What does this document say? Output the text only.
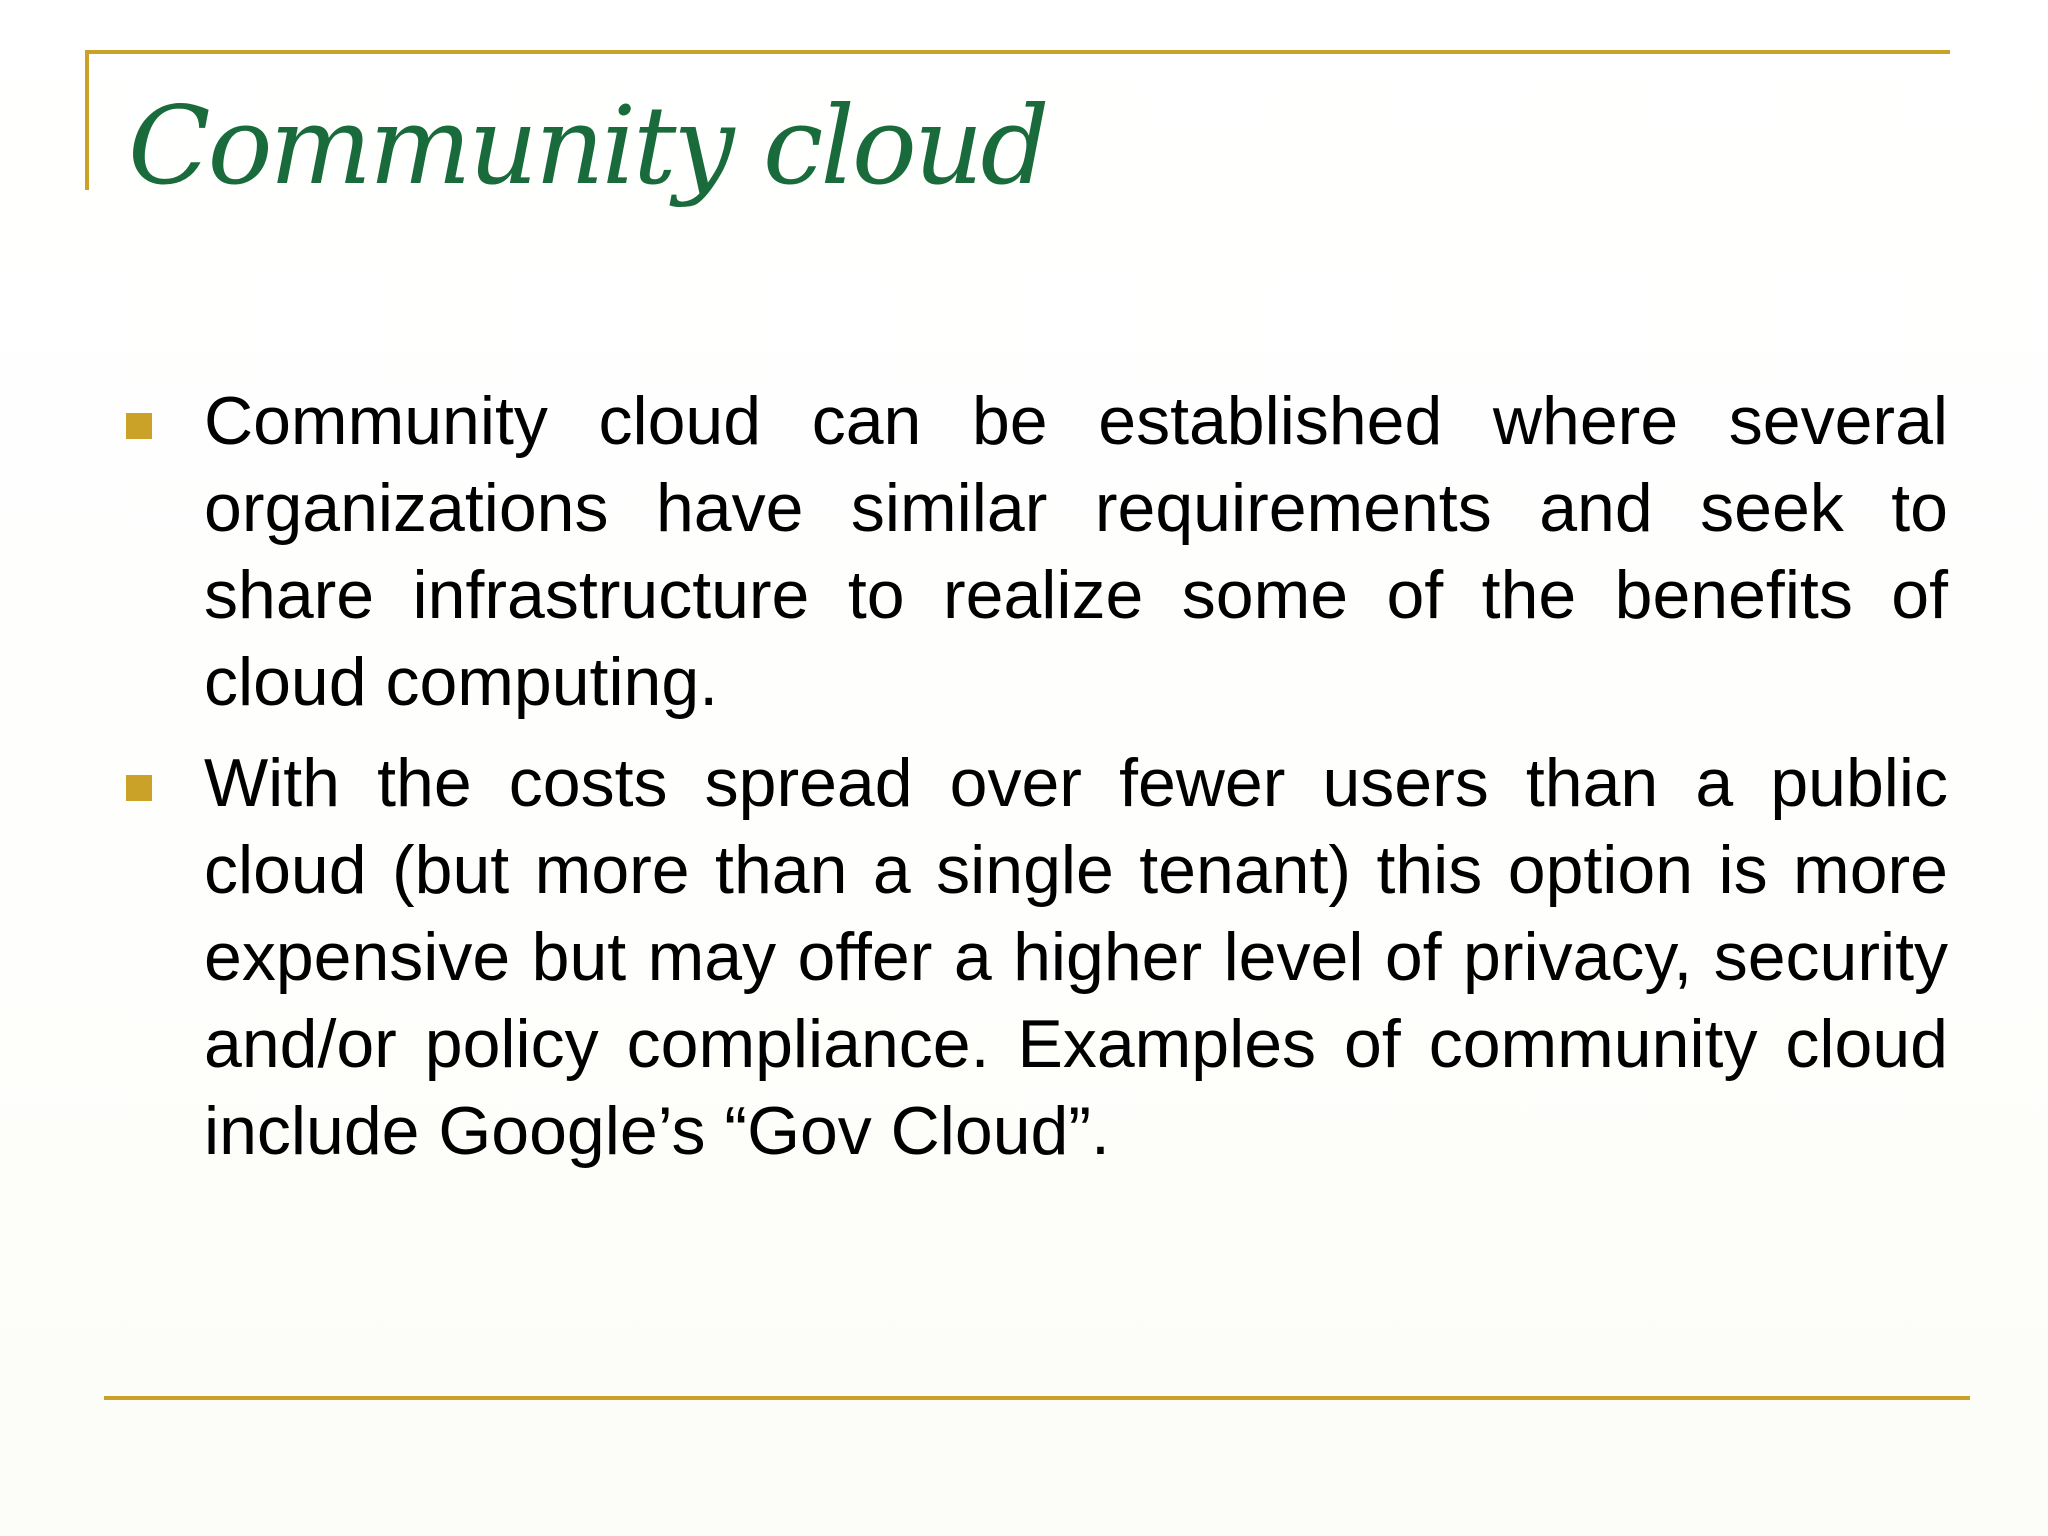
Community cloud
Community cloud can be established where several organizations have similar requirements and seek to share infrastructure to realize some of the benefits of cloud computing.
With the costs spread over fewer users than a public cloud (but more than a single tenant) this option is more expensive but may offer a higher level of privacy, security and/or policy compliance. Examples of community cloud include Google’s “Gov Cloud”.
